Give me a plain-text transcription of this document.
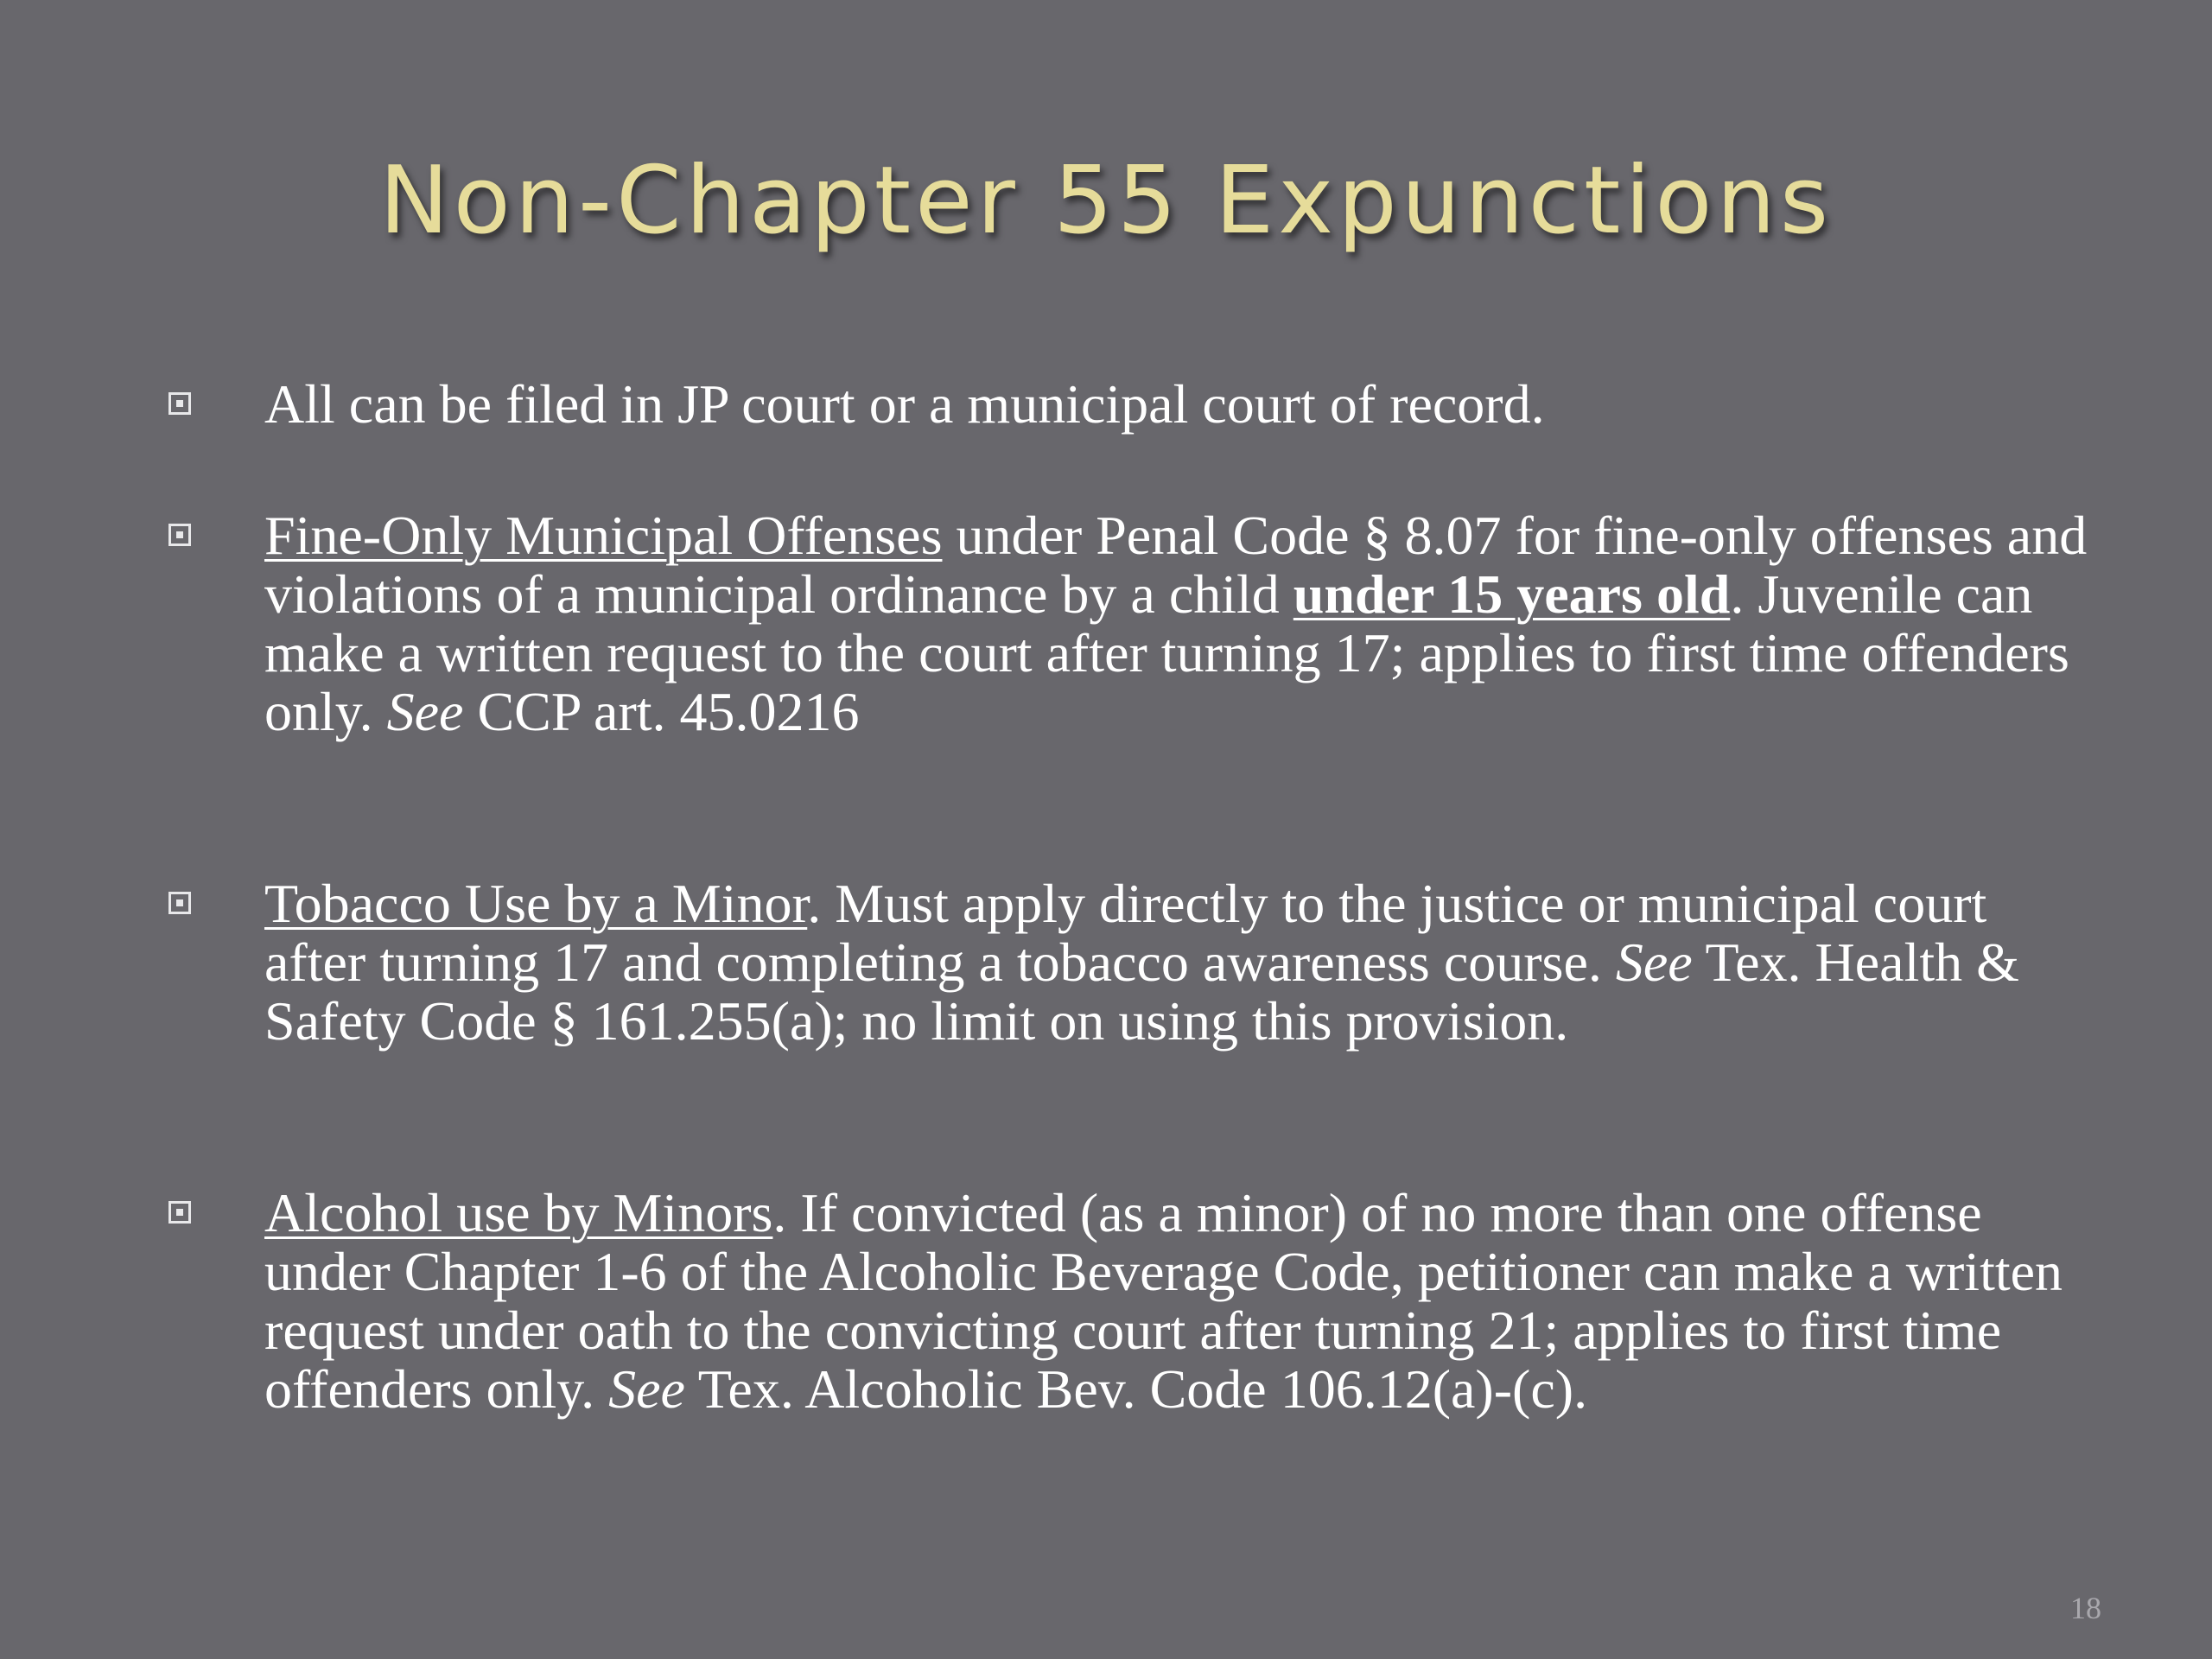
Non-Chapter 55 Expunctions
All can be filed in JP court or a municipal court of record.
Fine-Only Municipal Offenses under Penal Code § 8.07 for fine-only offenses and violations of a municipal ordinance by a child under 15 years old. Juvenile can make a written request to the court after turning 17; applies to first time offenders only. See CCP art. 45.0216
Tobacco Use by a Minor. Must apply directly to the justice or municipal court after turning 17 and completing a tobacco awareness course. See Tex. Health & Safety Code § 161.255(a); no limit on using this provision.
Alcohol use by Minors. If convicted (as a minor) of no more than one offense under Chapter 1-6 of the Alcoholic Beverage Code, petitioner can make a written request under oath to the convicting court after turning 21; applies to first time offenders only. See Tex. Alcoholic Bev. Code 106.12(a)-(c).
18
